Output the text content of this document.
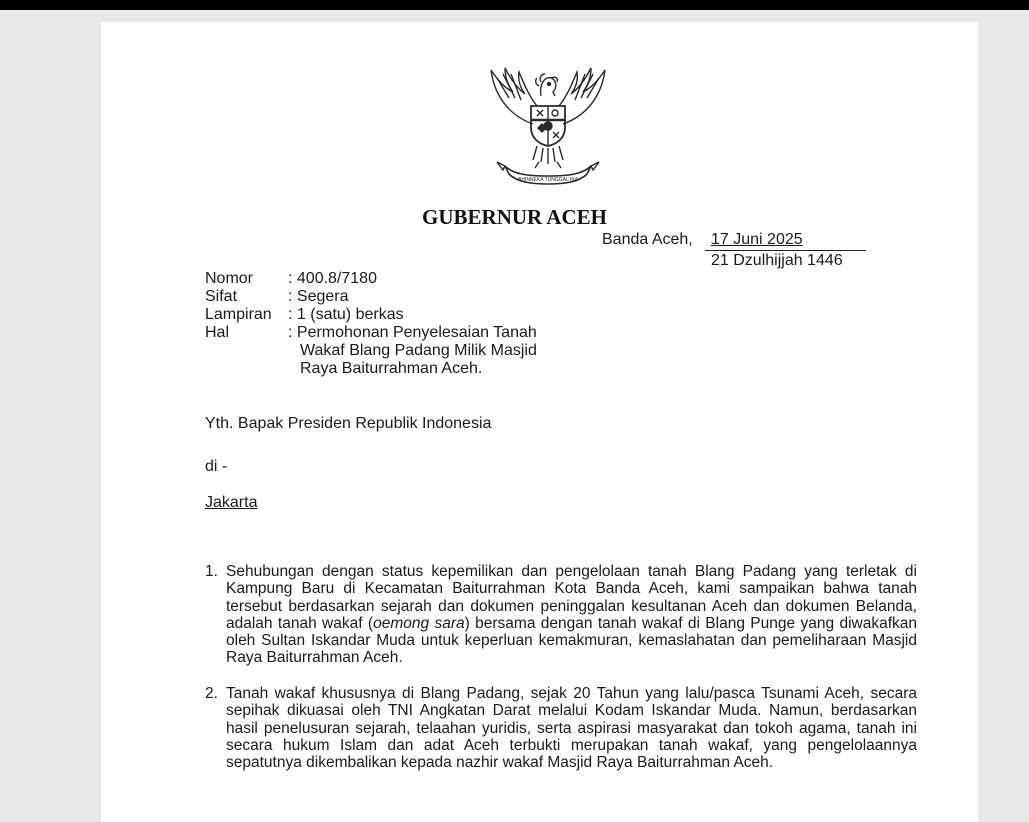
BHINNEKA TUNGGAL IKA
GUBERNUR ACEH
Banda Aceh, 17 Juni 2025
21 Dzulhijjah 1446
Nomor : 400.8/7180
Sifat	: Segera
Lampiran : 1 (satu) berkas
Hal	: Permohonan Penyelesaian Tanah
Wakaf Blang Padang Milik Masjid
Raya Baiturrahman Aceh.
Yth. Bapak Presiden Republik Indonesia
di -
Jakarta
1. Sehubungan dengan status kepemilikan dan pengelolaan tanah Blang Padang yang terletak di Kampung Baru di Kecamatan Baiturrahman Kota Banda Aceh, kami sampaikan bahwa tanah tersebut berdasarkan sejarah dan dokumen peninggalan kesultanan Aceh dan dokumen Belanda, adalah tanah wakaf (oemong sara) bersama dengan tanah wakaf di Blang Punge yang diwakafkan oleh Sultan Iskandar Muda untuk keperluan kemakmuran, kemaslahatan dan pemeliharaan Masjid Raya Baiturrahman Aceh.
2. Tanah wakaf khususnya di Blang Padang, sejak 20 Tahun yang lalu/pasca Tsunami Aceh, secara sepihak dikuasai oleh TNI Angkatan Darat melalui Kodam Iskandar Muda. Namun, berdasarkan hasil penelusuran sejarah, telaahan yuridis, serta aspirasi masyarakat dan tokoh agama, tanah ini secara hukum Islam dan adat Aceh terbukti merupakan tanah wakaf, yang pengelolaannya sepatutnya dikembalikan kepada nazhir wakaf Masjid Raya Baiturrahman Aceh.
